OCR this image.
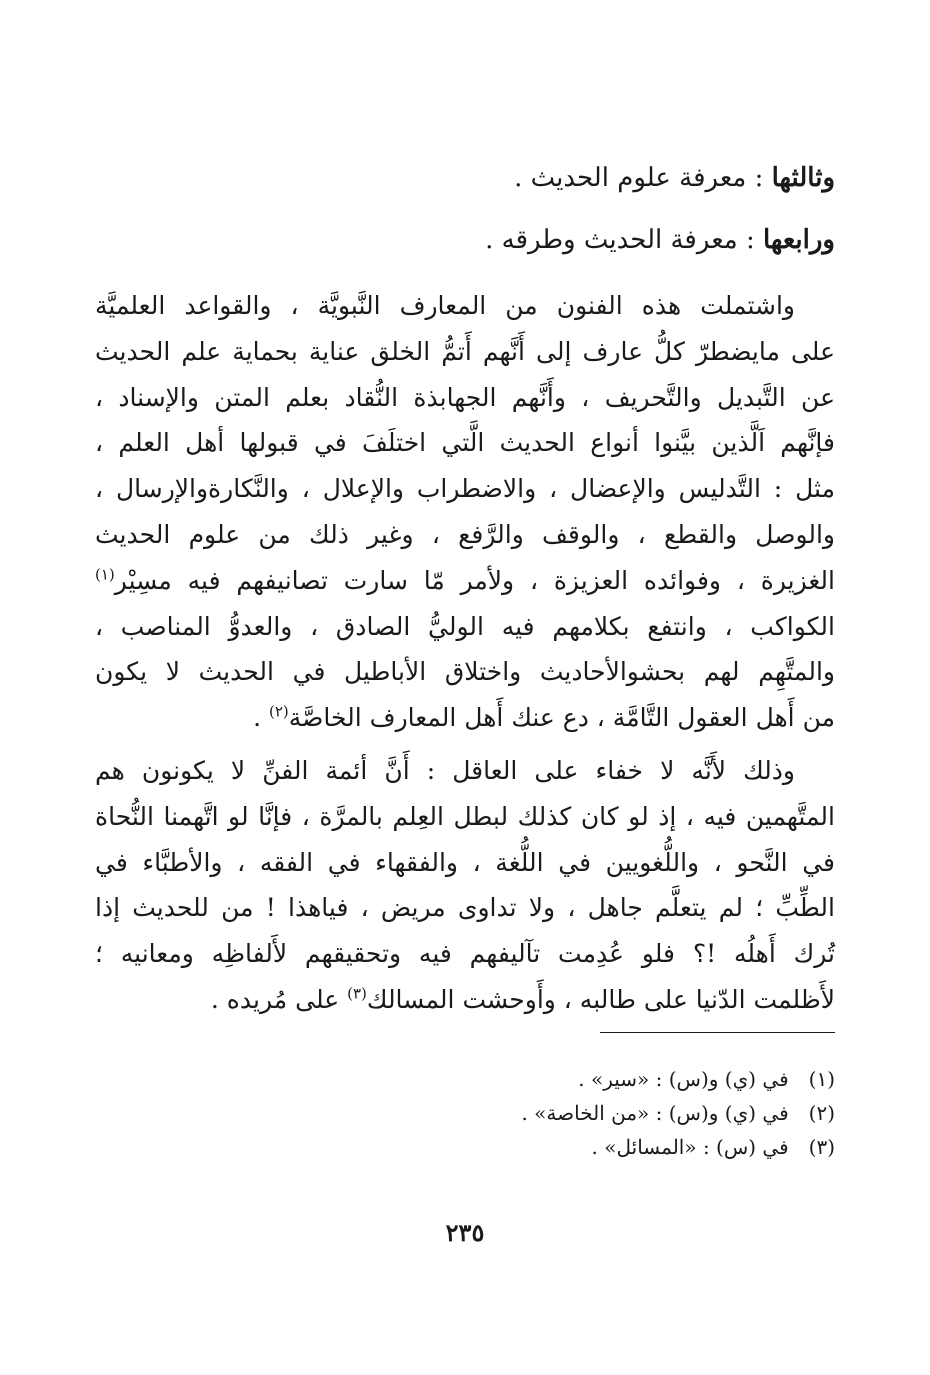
وثالثها : معرفة علوم الحديث .
ورابعها : معرفة الحديث وطرقه .
واشتملت هذه الفنون من المعارف النَّبويَّة ، والقواعد العلميَّة
على مايضطرّ كلُّ عارف إلى أَنَّهم أَتمُّ الخلق عناية بحماية علم الحديث
عن التَّبديل والتَّحريف ، وأَنَّهم الجهابذة النُّقاد بعلم المتن والإسناد ،
فإنَّهم اَلَّذين بيَّنوا أنواع الحديث الَّتي اختلَفَ في قبولها أهل العلم ،
مثل : التَّدليس والإعضال ، والاضطراب والإعلال ، والنَّكارةوالإرسال ،
والوصل والقطع ، والوقف والرَّفع ، وغير ذلك من علوم الحديث
الغزيرة ، وفوائده العزيزة ، ولأمر مّا سارت تصانيفهم فيه مسِيْر$^{(١)}$
الكواكب ، وانتفع بكلامهم فيه الوليُّ الصادق ، والعدوُّ المناصب ،
والمتَّهِم لهم بحشوالأحاديث واختلاق الأباطيل في الحديث لا يكون
من أَهل العقول التَّامَّة ، دع عنك أَهل المعارف الخاصَّة$^{(٢)}$ .
وذلك لأَنَّه لا خفاء على العاقل : أَنَّ أئمة الفنِّ لا يكونون هم
المتَّهمين فيه ، إذ لو كان كذلك لبطل العِلم بالمرَّة ، فإنَّا لو اتَّهمنا النُّحاة
في النَّحو ، واللُّغويين في اللُّغة ، والفقهاء في الفقه ، والأطبَّاء في
الطِّبِّ ؛ لم يتعلَّم جاهل ، ولا تداوى مريض ، فياهذا ! من للحديث إذا
تُرك أَهلُه !؟ فلو عُدِمت تآليفهم فيه وتحقيقهم لأَلفاظِه ومعانيه ؛
لأَظلمت الدّنيا على طالبه ، وأَوحشت المسالك$^{(٣)}$ على مُريده .
(١) في (ي) و(س) : «سير» .
(٢) في (ي) و(س) : «من الخاصة» .
(٣) في (س) : «المسائل» .
٢٣٥
